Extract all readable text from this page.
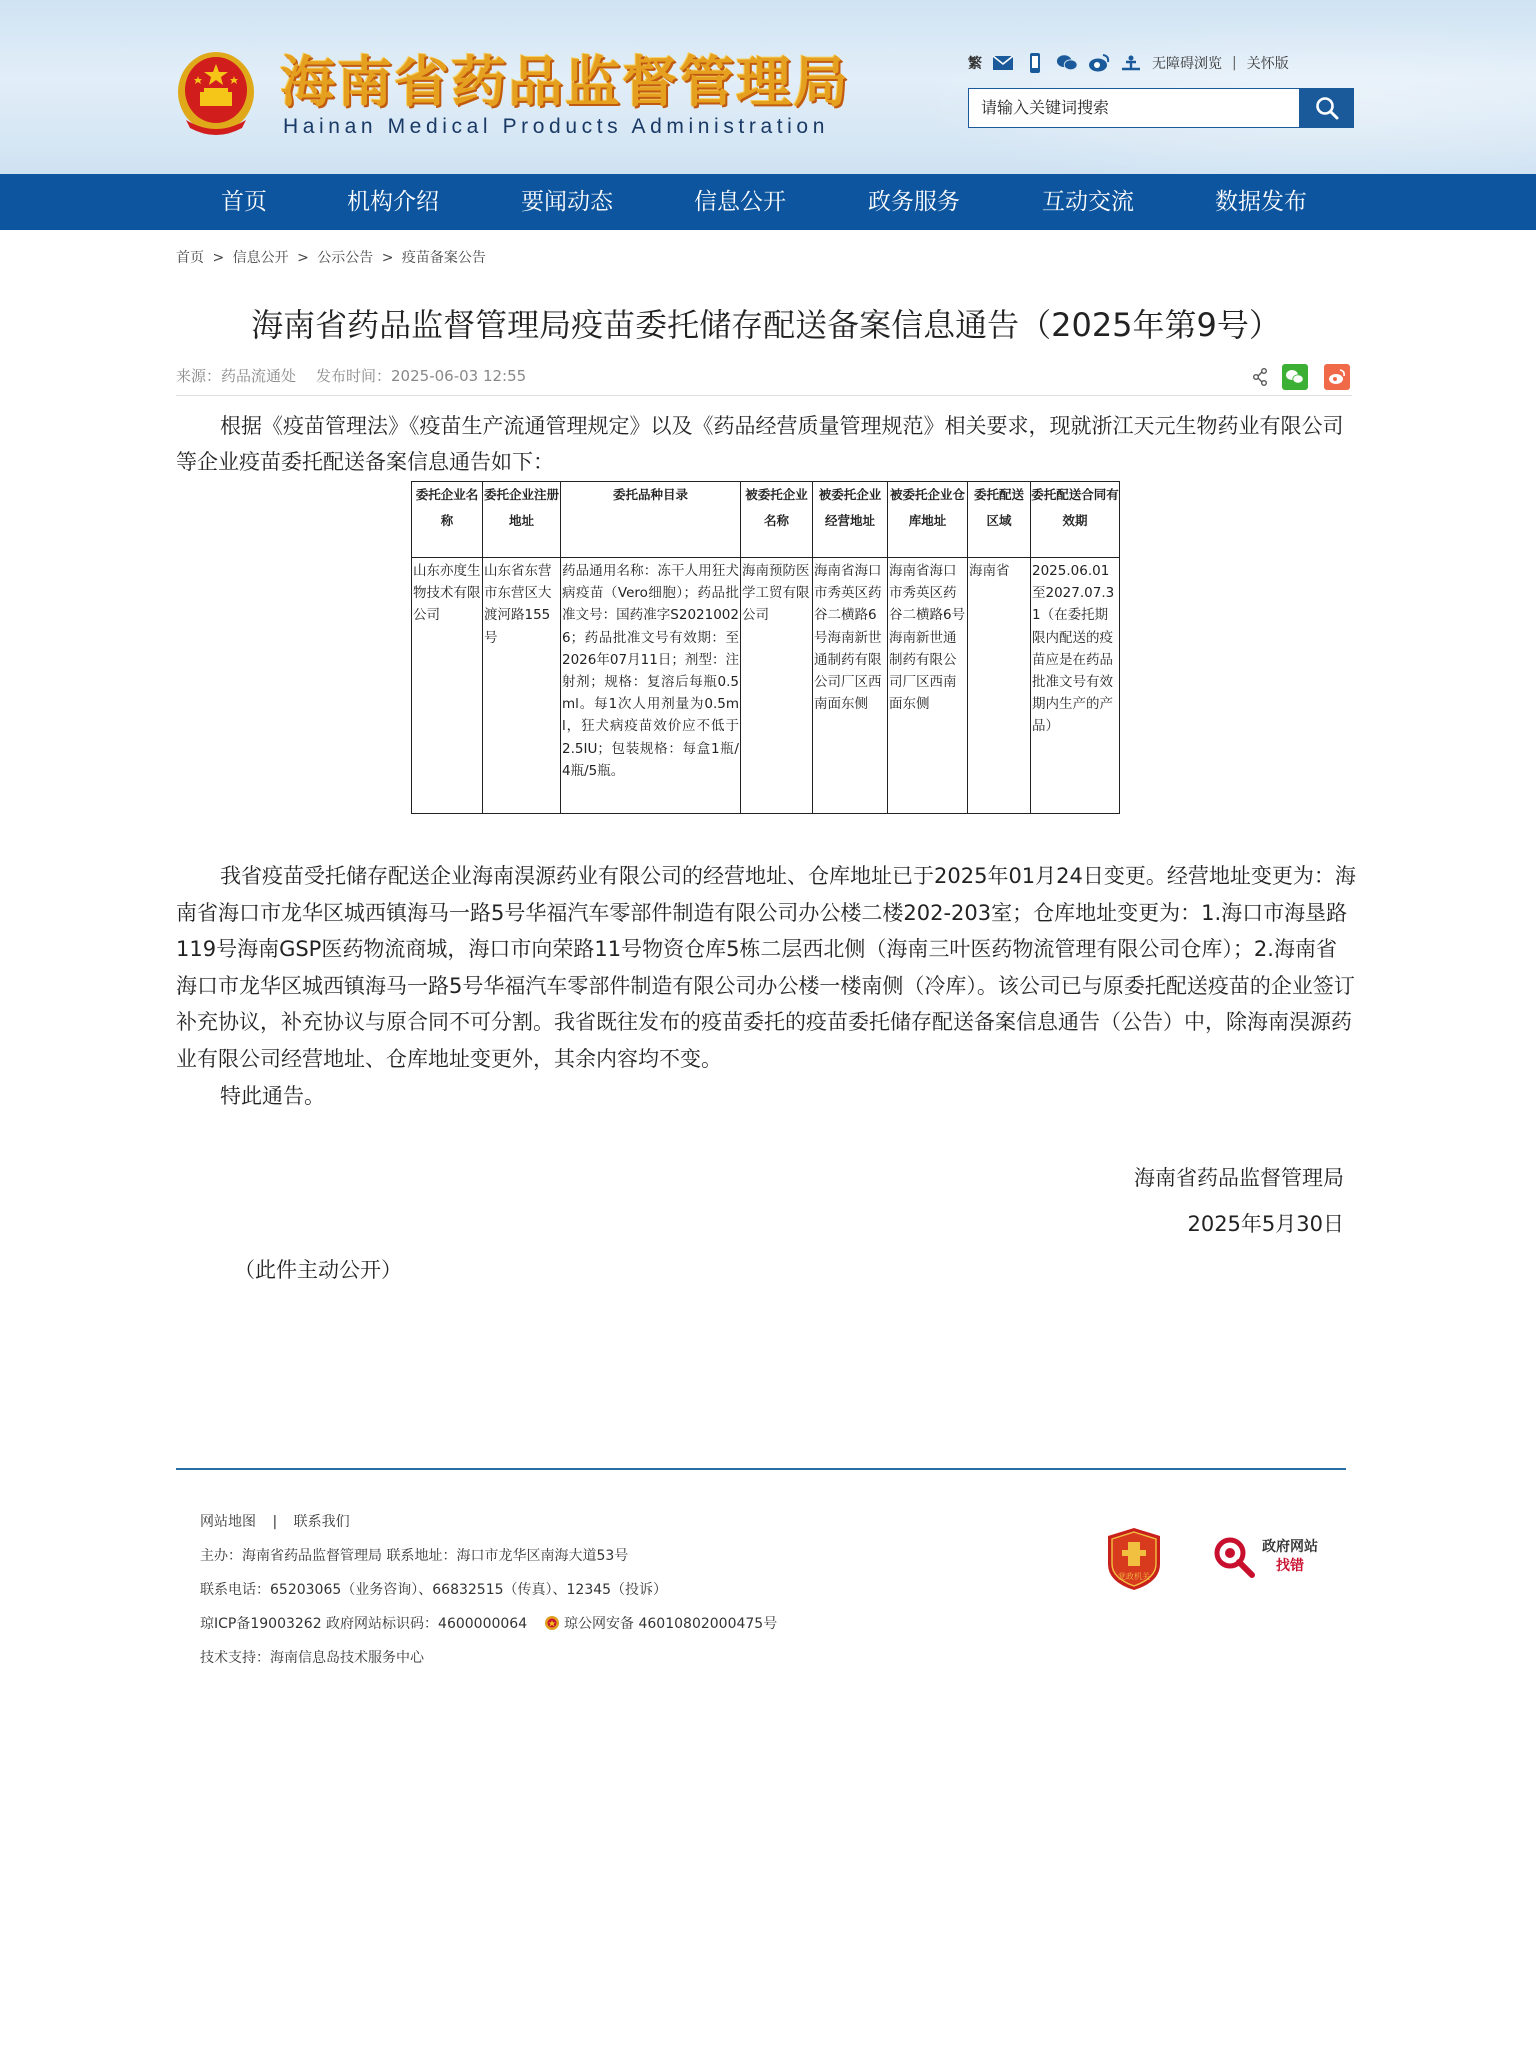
海南省药品监督管理局
Hainan Medical Products Administration
繁	无障碍浏览 | 关怀版
请输入关键词搜索
首页	机构介绍	要闻动态	信息公开	政务服务	互动交流	数据发布
首页 > 信息公开 > 公示公告 > 疫苗备案公告
海南省药品监督管理局疫苗委托储存配送备案信息通告（2025年第9号）
来源：药品流通处 发布时间：2025-06-03 12:55
根据《疫苗管理法》《疫苗生产流通管理规定》以及《药品经营质量管理规范》相关要求，现就浙江天元生物药业有限公司等企业疫苗委托配送备案信息通告如下：
委托企业名称	委托企业注册地址	委托品种目录	被委托企业名称	被委托企业经营地址	被委托企业仓库地址	委托配送区域	委托配送合同有效期
山东亦度生物技术有限公司	山东省东营市东营区大渡河路155号	药品通用名称：冻干人用狂犬病疫苗（Vero细胞）；药品批准文号：国药准字S20210026；药品批准文号有效期：至2026年07月11日；剂型：注射剂；规格：复溶后每瓶0.5ml。每1次人用剂量为0.5ml，狂犬病疫苗效价应不低于2.5IU；包装规格：每盒1瓶/4瓶/5瓶。	海南预防医学工贸有限公司	海南省海口市秀英区药谷二横路6号海南新世通制药有限公司厂区西南面东侧	海南省海口市秀英区药谷二横路6号海南新世通制药有限公司厂区西南面东侧	海南省	2025.06.01至2027.07.31（在委托期限内配送的疫苗应是在药品批准文号有效期内生产的产品）
我省疫苗受托储存配送企业海南淏源药业有限公司的经营地址、仓库地址已于2025年01月24日变更。经营地址变更为：海南省海口市龙华区城西镇海马一路5号华福汽车零部件制造有限公司办公楼二楼202-203室；仓库地址变更为：1.海口市海垦路119号海南GSP医药物流商城，海口市向荣路11号物资仓库5栋二层西北侧（海南三叶医药物流管理有限公司仓库）；2.海南省海口市龙华区城西镇海马一路5号华福汽车零部件制造有限公司办公楼一楼南侧（冷库）。该公司已与原委托配送疫苗的企业签订补充协议，补充协议与原合同不可分割。我省既往发布的疫苗委托的疫苗委托储存配送备案信息通告（公告）中，除海南淏源药业有限公司经营地址、仓库地址变更外，其余内容均不变。
特此通告。
海南省药品监督管理局
2025年5月30日
（此件主动公开）
网站地图 | 联系我们
主办：海南省药品监督管理局 联系地址：海口市龙华区南海大道53号
联系电话：65203065（业务咨询）、66832515（传真）、12345（投诉）
琼ICP备19003262 政府网站标识码：4600000064	琼公网安备 46010802000475号
技术支持：海南信息岛技术服务中心
党政机关
政府网站
找错
